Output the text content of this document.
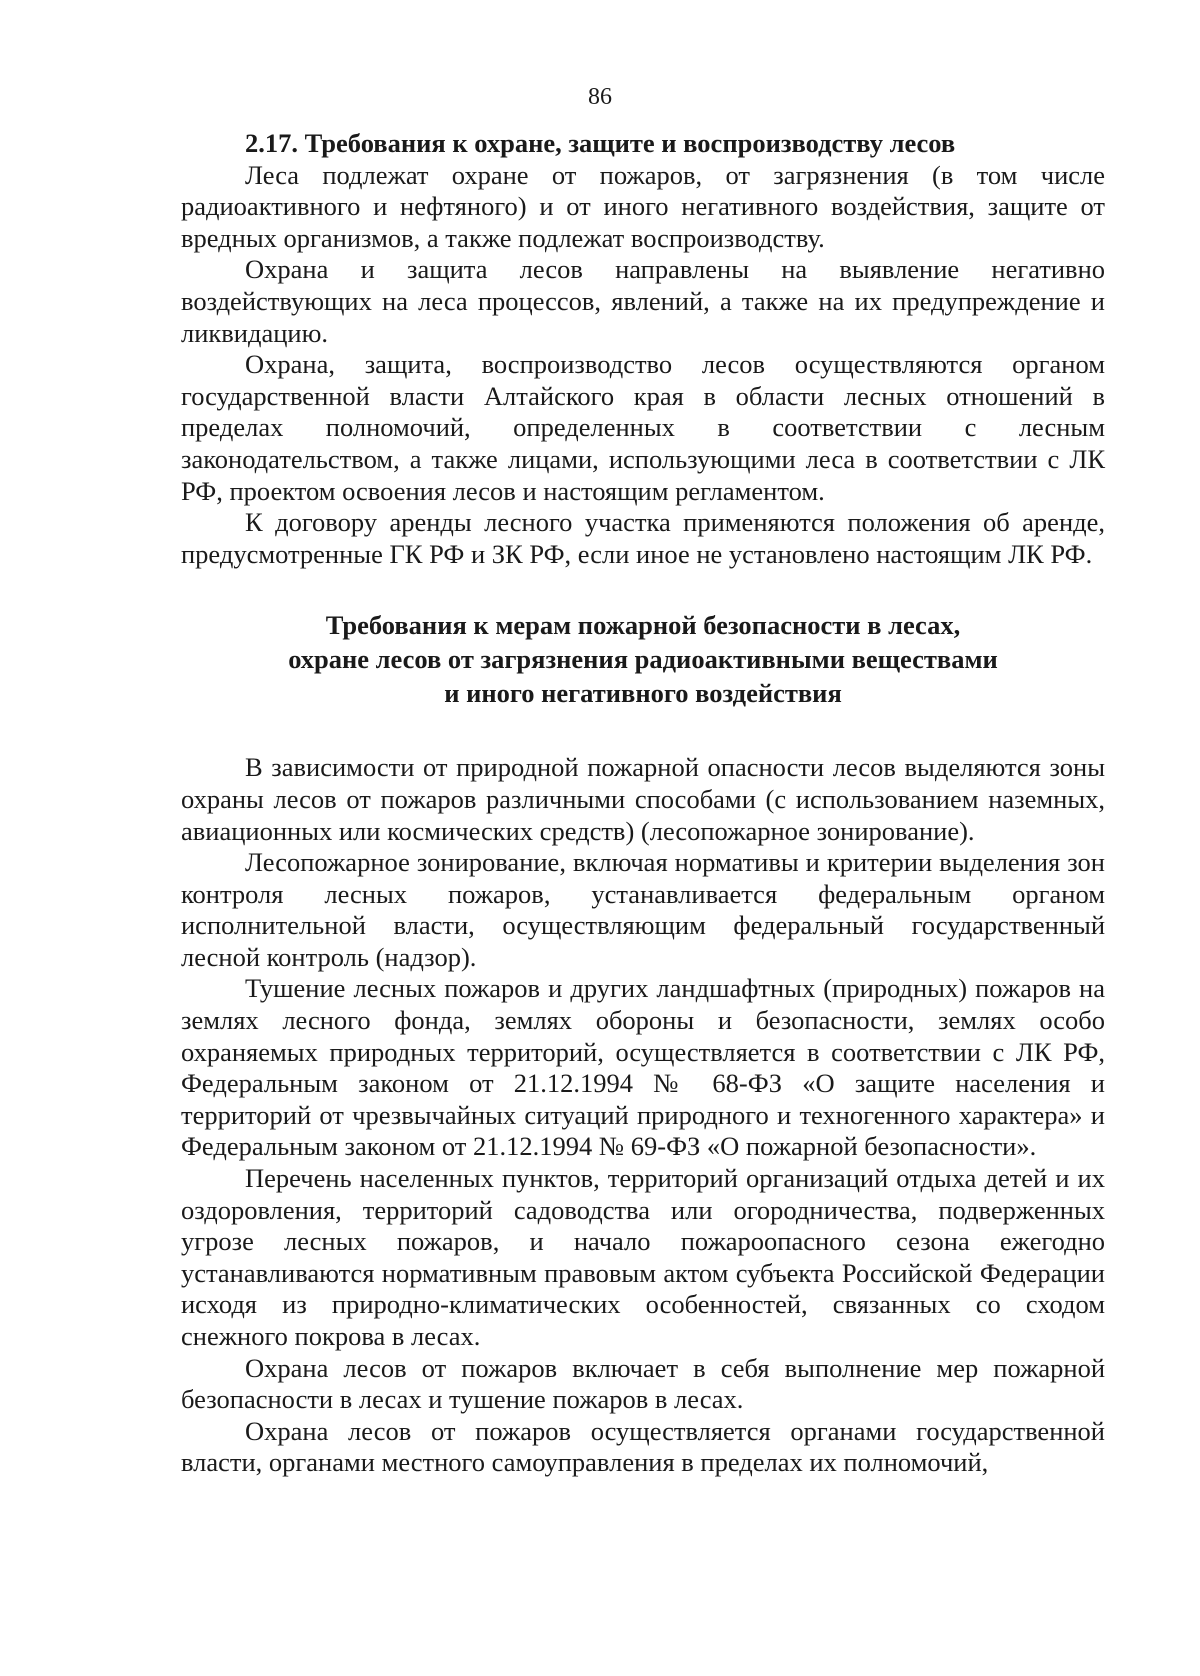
86
2.17. Требования к охране, защите и воспроизводству лесов

Леса подлежат охране от пожаров, от загрязнения (в том числе радиоактивного и нефтяного) и от иного негативного воздействия, защите от вредных организмов, а также подлежат воспроизводству.

Охрана и защита лесов направлены на выявление негативно воздействующих на леса процессов, явлений, а также на их предупреждение и ликвидацию.

Охрана, защита, воспроизводство лесов осуществляются органом государственной власти Алтайского края в области лесных отношений в пределах полномочий, определенных в соответствии с лесным законодательством, а также лицами, использующими леса в соответствии с ЛК РФ, проектом освоения лесов и настоящим регламентом.

К договору аренды лесного участка применяются положения об аренде, предусмотренные ГК РФ и ЗК РФ, если иное не установлено настоящим ЛК РФ.

Требования к мерам пожарной безопасности в лесах,
охране лесов от загрязнения радиоактивными веществами
и иного негативного воздействия

В зависимости от природной пожарной опасности лесов выделяются зоны охраны лесов от пожаров различными способами (с использованием наземных, авиационных или космических средств) (лесопожарное зонирование).

Лесопожарное зонирование, включая нормативы и критерии выделения зон контроля лесных пожаров, устанавливается федеральным органом исполнительной власти, осуществляющим федеральный государственный лесной контроль (надзор).

Тушение лесных пожаров и других ландшафтных (природных) пожаров на землях лесного фонда, землях обороны и безопасности, землях особо охраняемых природных территорий, осуществляется в соответствии с ЛК РФ, Федеральным законом от 21.12.1994 № 68-ФЗ «О защите населения и территорий от чрезвычайных ситуаций природного и техногенного характера» и Федеральным законом от 21.12.1994 № 69-ФЗ «О пожарной безопасности».

Перечень населенных пунктов, территорий организаций отдыха детей и их оздоровления, территорий садоводства или огородничества, подверженных угрозе лесных пожаров, и начало пожароопасного сезона ежегодно устанавливаются нормативным правовым актом субъекта Российской Федерации исходя из природно-климатических особенностей, связанных со сходом снежного покрова в лесах.

Охрана лесов от пожаров включает в себя выполнение мер пожарной безопасности в лесах и тушение пожаров в лесах.

Охрана лесов от пожаров осуществляется органами государственной власти, органами местного самоуправления в пределах их полномочий,
